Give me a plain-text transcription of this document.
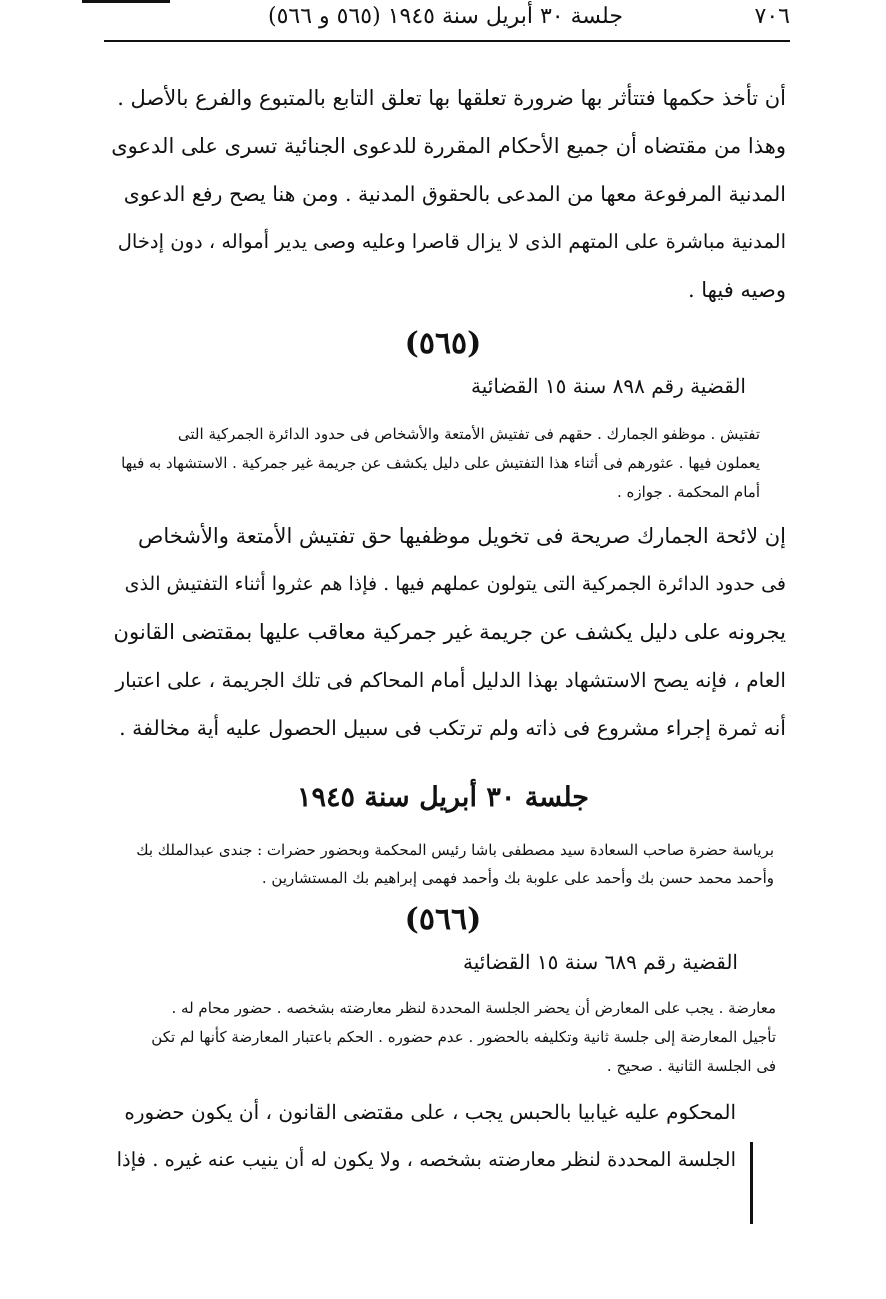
٧٠٦
جلسة ٣٠ أبريل سنة ١٩٤٥ (٥٦٥ و ٥٦٦)
أن تأخذ حكمها فتتأثر بها ضرورة تعلقها بها تعلق التابع بالمتبوع والفرع بالأصل .
وهذا من مقتضاه أن جميع الأحكام المقررة للدعوى الجنائية تسرى على الدعوى
المدنية المرفوعة معها من المدعى بالحقوق المدنية . ومن هنا يصح رفع الدعوى
المدنية مباشرة على المتهم الذى لا يزال قاصرا وعليه وصى يدير أمواله ، دون إدخال
وصيه فيها .
(٥٦٥)
القضية رقم ٨٩٨ سنة ١٥ القضائية
تفتيش . موظفو الجمارك . حقهم فى تفتيش الأمتعة والأشخاص فى حدود الدائرة الجمركية التى
يعملون فيها . عثورهم فى أثناء هذا التفتيش على دليل يكشف عن جريمة غير جمركية . الاستشهاد به فيها
أمام المحكمة . جوازه .
إن لائحة الجمارك صريحة فى تخويل موظفيها حق تفتيش الأمتعة والأشخاص
فى حدود الدائرة الجمركية التى يتولون عملهم فيها . فإذا هم عثروا أثناء التفتيش الذى
يجرونه على دليل يكشف عن جريمة غير جمركية معاقب عليها بمقتضى القانون
العام ، فإنه يصح الاستشهاد بهذا الدليل أمام المحاكم فى تلك الجريمة ، على اعتبار
أنه ثمرة إجراء مشروع فى ذاته ولم ترتكب فى سبيل الحصول عليه أية مخالفة .
جلسة ٣٠ أبريل سنة ١٩٤٥
برياسة حضرة صاحب السعادة سيد مصطفى باشا رئيس المحكمة وبحضور حضرات : جندى عبدالملك بك
وأحمد محمد حسن بك وأحمد على علوبة بك وأحمد فهمى إبراهيم بك المستشارين .
(٥٦٦)
القضية رقم ٦٨٩ سنة ١٥ القضائية
معارضة . يجب على المعارض أن يحضر الجلسة المحددة لنظر معارضته بشخصه . حضور محام له .
تأجيل المعارضة إلى جلسة ثانية وتكليفه بالحضور . عدم حضوره . الحكم باعتبار المعارضة كأنها لم تكن
فى الجلسة الثانية . صحيح .
المحكوم عليه غيابيا بالحبس يجب ، على مقتضى القانون ، أن يكون حضوره
الجلسة المحددة لنظر معارضته بشخصه ، ولا يكون له أن ينيب عنه غيره . فإذا
